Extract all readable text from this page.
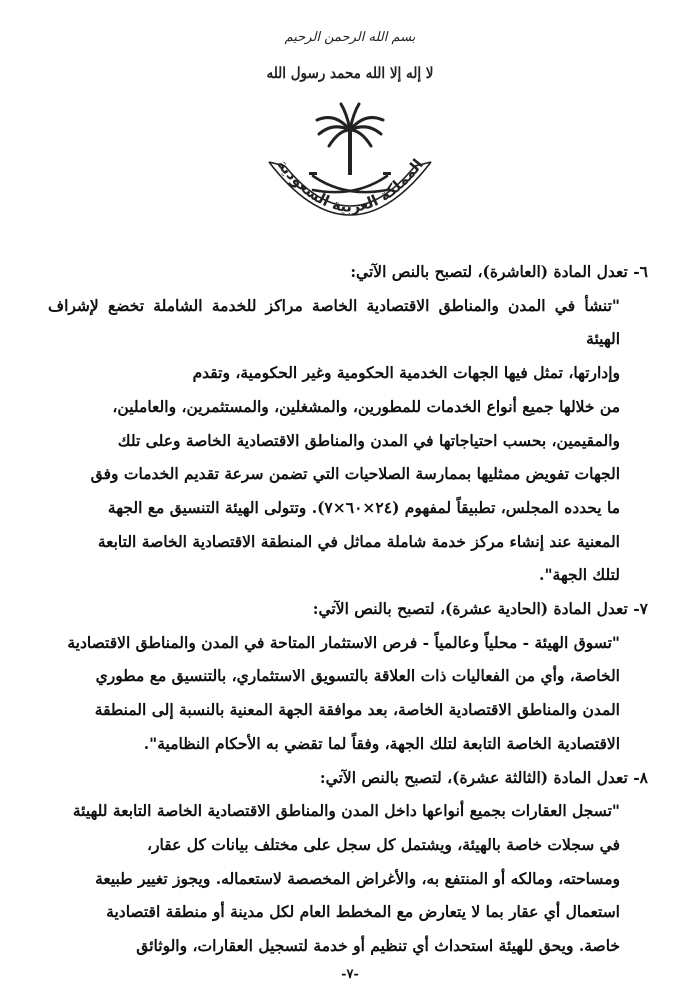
بسم الله الرحمن الرحيم
لا إله إلا الله محمد رسول الله
المملكة العربية السعودية

٦- تعدل المادة (العاشرة)، لتصبح بالنص الآتي:

"تنشأ في المدن والمناطق الاقتصادية الخاصة مراكز للخدمة الشاملة تخضع لإشراف الهيئة

وإدارتها، تمثل فيها الجهات الخدمية الحكومية وغير الحكومية، وتقدم

من خلالها جميع أنواع الخدمات للمطورين، والمشغلين، والمستثمرين، والعاملين،

والمقيمين، بحسب احتياجاتها في المدن والمناطق الاقتصادية الخاصة وعلى تلك

الجهات تفويض ممثليها بممارسة الصلاحيات التي تضمن سرعة تقديم الخدمات وفق

ما يحدده المجلس، تطبيقاً لمفهوم (٢٤×٦٠×٧). وتتولى الهيئة التنسيق مع الجهة

المعنية عند إنشاء مركز خدمة شاملة مماثل في المنطقة الاقتصادية الخاصة التابعة

لتلك الجهة".

٧- تعدل المادة (الحادية عشرة)، لتصبح بالنص الآتي:

"تسوق الهيئة - محلياً وعالمياً - فرص الاستثمار المتاحة في المدن والمناطق الاقتصادية

الخاصة، وأي من الفعاليات ذات العلاقة بالتسويق الاستثماري، بالتنسيق مع مطوري

المدن والمناطق الاقتصادية الخاصة، بعد موافقة الجهة المعنية بالنسبة إلى المنطقة

الاقتصادية الخاصة التابعة لتلك الجهة، وفقاً لما تقضي به الأحكام النظامية".

٨- تعدل المادة (الثالثة عشرة)، لتصبح بالنص الآتي:

"تسجل العقارات بجميع أنواعها داخل المدن والمناطق الاقتصادية الخاصة التابعة للهيئة

في سجلات خاصة بالهيئة، ويشتمل كل سجل على مختلف بيانات كل عقار،

ومساحته، ومالكه أو المنتفع به، والأغراض المخصصة لاستعماله. ويجوز تغيير طبيعة

استعمال أي عقار بما لا يتعارض مع المخطط العام لكل مدينة أو منطقة اقتصادية

خاصة. ويحق للهيئة استحداث أي تنظيم أو خدمة لتسجيل العقارات، والوثائق

-٧-
